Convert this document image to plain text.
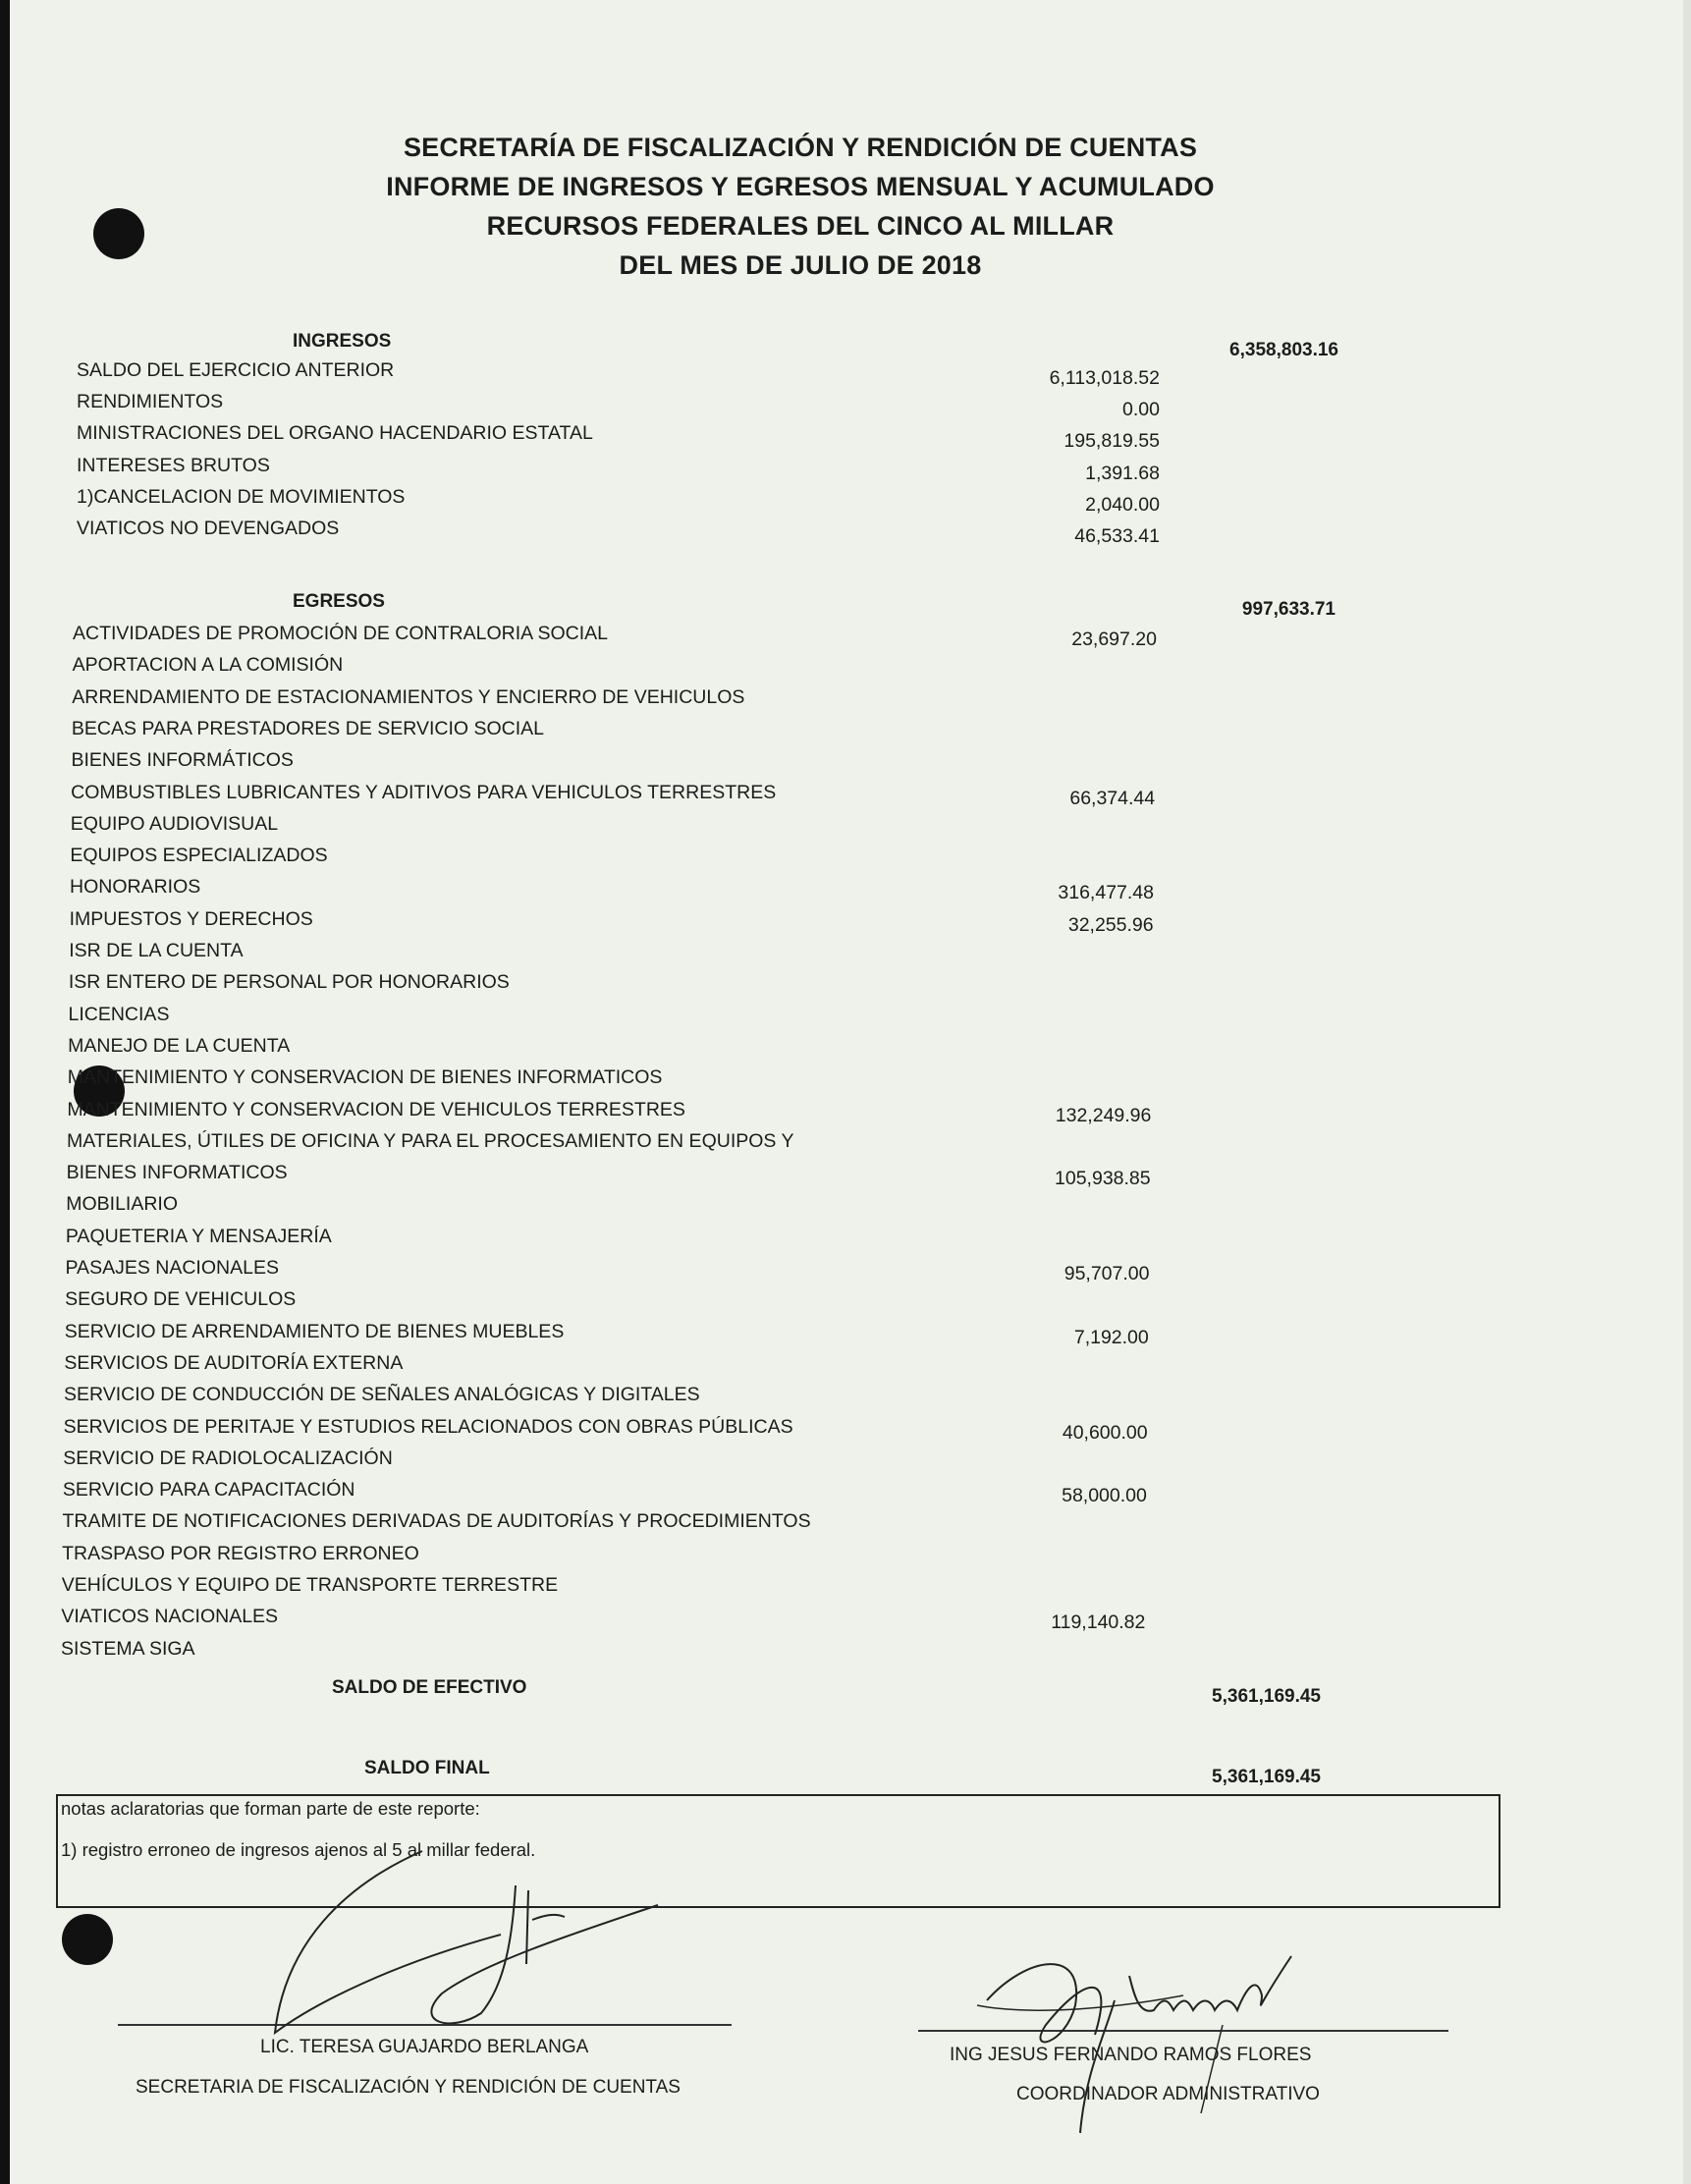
SECRETARÍA DE FISCALIZACIÓN Y RENDICIÓN DE CUENTAS
INFORME DE INGRESOS Y EGRESOS MENSUAL Y ACUMULADO
RECURSOS FEDERALES DEL CINCO AL MILLAR
DEL MES DE JULIO DE 2018
INGRESOS	6,358,803.16
SALDO DEL EJERCICIO ANTERIOR	6,113,018.52
RENDIMIENTOS	0.00
MINISTRACIONES DEL ORGANO HACENDARIO ESTATAL	195,819.55
INTERESES BRUTOS	1,391.68
1)CANCELACION DE MOVIMIENTOS	2,040.00
VIATICOS NO DEVENGADOS	46,533.41
EGRESOS	997,633.71
ACTIVIDADES DE PROMOCIÓN DE CONTRALORIA SOCIAL	23,697.20
APORTACION A LA COMISIÓN
ARRENDAMIENTO DE ESTACIONAMIENTOS Y ENCIERRO DE VEHICULOS
BECAS PARA PRESTADORES DE SERVICIO SOCIAL
BIENES INFORMÁTICOS
COMBUSTIBLES LUBRICANTES Y ADITIVOS PARA VEHICULOS TERRESTRES	66,374.44
EQUIPO AUDIOVISUAL
EQUIPOS ESPECIALIZADOS
HONORARIOS	316,477.48
IMPUESTOS Y DERECHOS	32,255.96
ISR DE LA CUENTA
ISR ENTERO DE PERSONAL POR HONORARIOS
LICENCIAS
MANEJO DE LA CUENTA
MANTENIMIENTO Y CONSERVACION DE BIENES INFORMATICOS
MANTENIMIENTO Y CONSERVACION DE VEHICULOS TERRESTRES	132,249.96
MATERIALES, ÚTILES DE OFICINA Y PARA EL PROCESAMIENTO EN EQUIPOS Y
BIENES INFORMATICOS	105,938.85
MOBILIARIO
PAQUETERIA Y MENSAJERÍA
PASAJES NACIONALES	95,707.00
SEGURO DE VEHICULOS
SERVICIO DE ARRENDAMIENTO DE BIENES MUEBLES	7,192.00
SERVICIOS DE AUDITORÍA EXTERNA
SERVICIO DE CONDUCCIÓN DE SEÑALES ANALÓGICAS Y DIGITALES
SERVICIOS DE PERITAJE Y ESTUDIOS RELACIONADOS CON OBRAS PÚBLICAS	40,600.00
SERVICIO DE RADIOLOCALIZACIÓN
SERVICIO PARA CAPACITACIÓN	58,000.00
TRAMITE DE NOTIFICACIONES DERIVADAS DE AUDITORÍAS Y PROCEDIMIENTOS
TRASPASO POR REGISTRO ERRONEO
VEHÍCULOS Y EQUIPO DE TRANSPORTE TERRESTRE
VIATICOS NACIONALES	119,140.82
SISTEMA SIGA
SALDO DE EFECTIVO	5,361,169.45
SALDO FINAL	5,361,169.45
notas aclaratorias que forman parte de este reporte:
1) registro erroneo de ingresos ajenos al 5 al millar federal.
LIC. TERESA GUAJARDO BERLANGA
SECRETARIA DE FISCALIZACIÓN Y RENDICIÓN DE CUENTAS
ING JESUS FERNANDO RAMOS FLORES
COORDINADOR ADMINISTRATIVO
